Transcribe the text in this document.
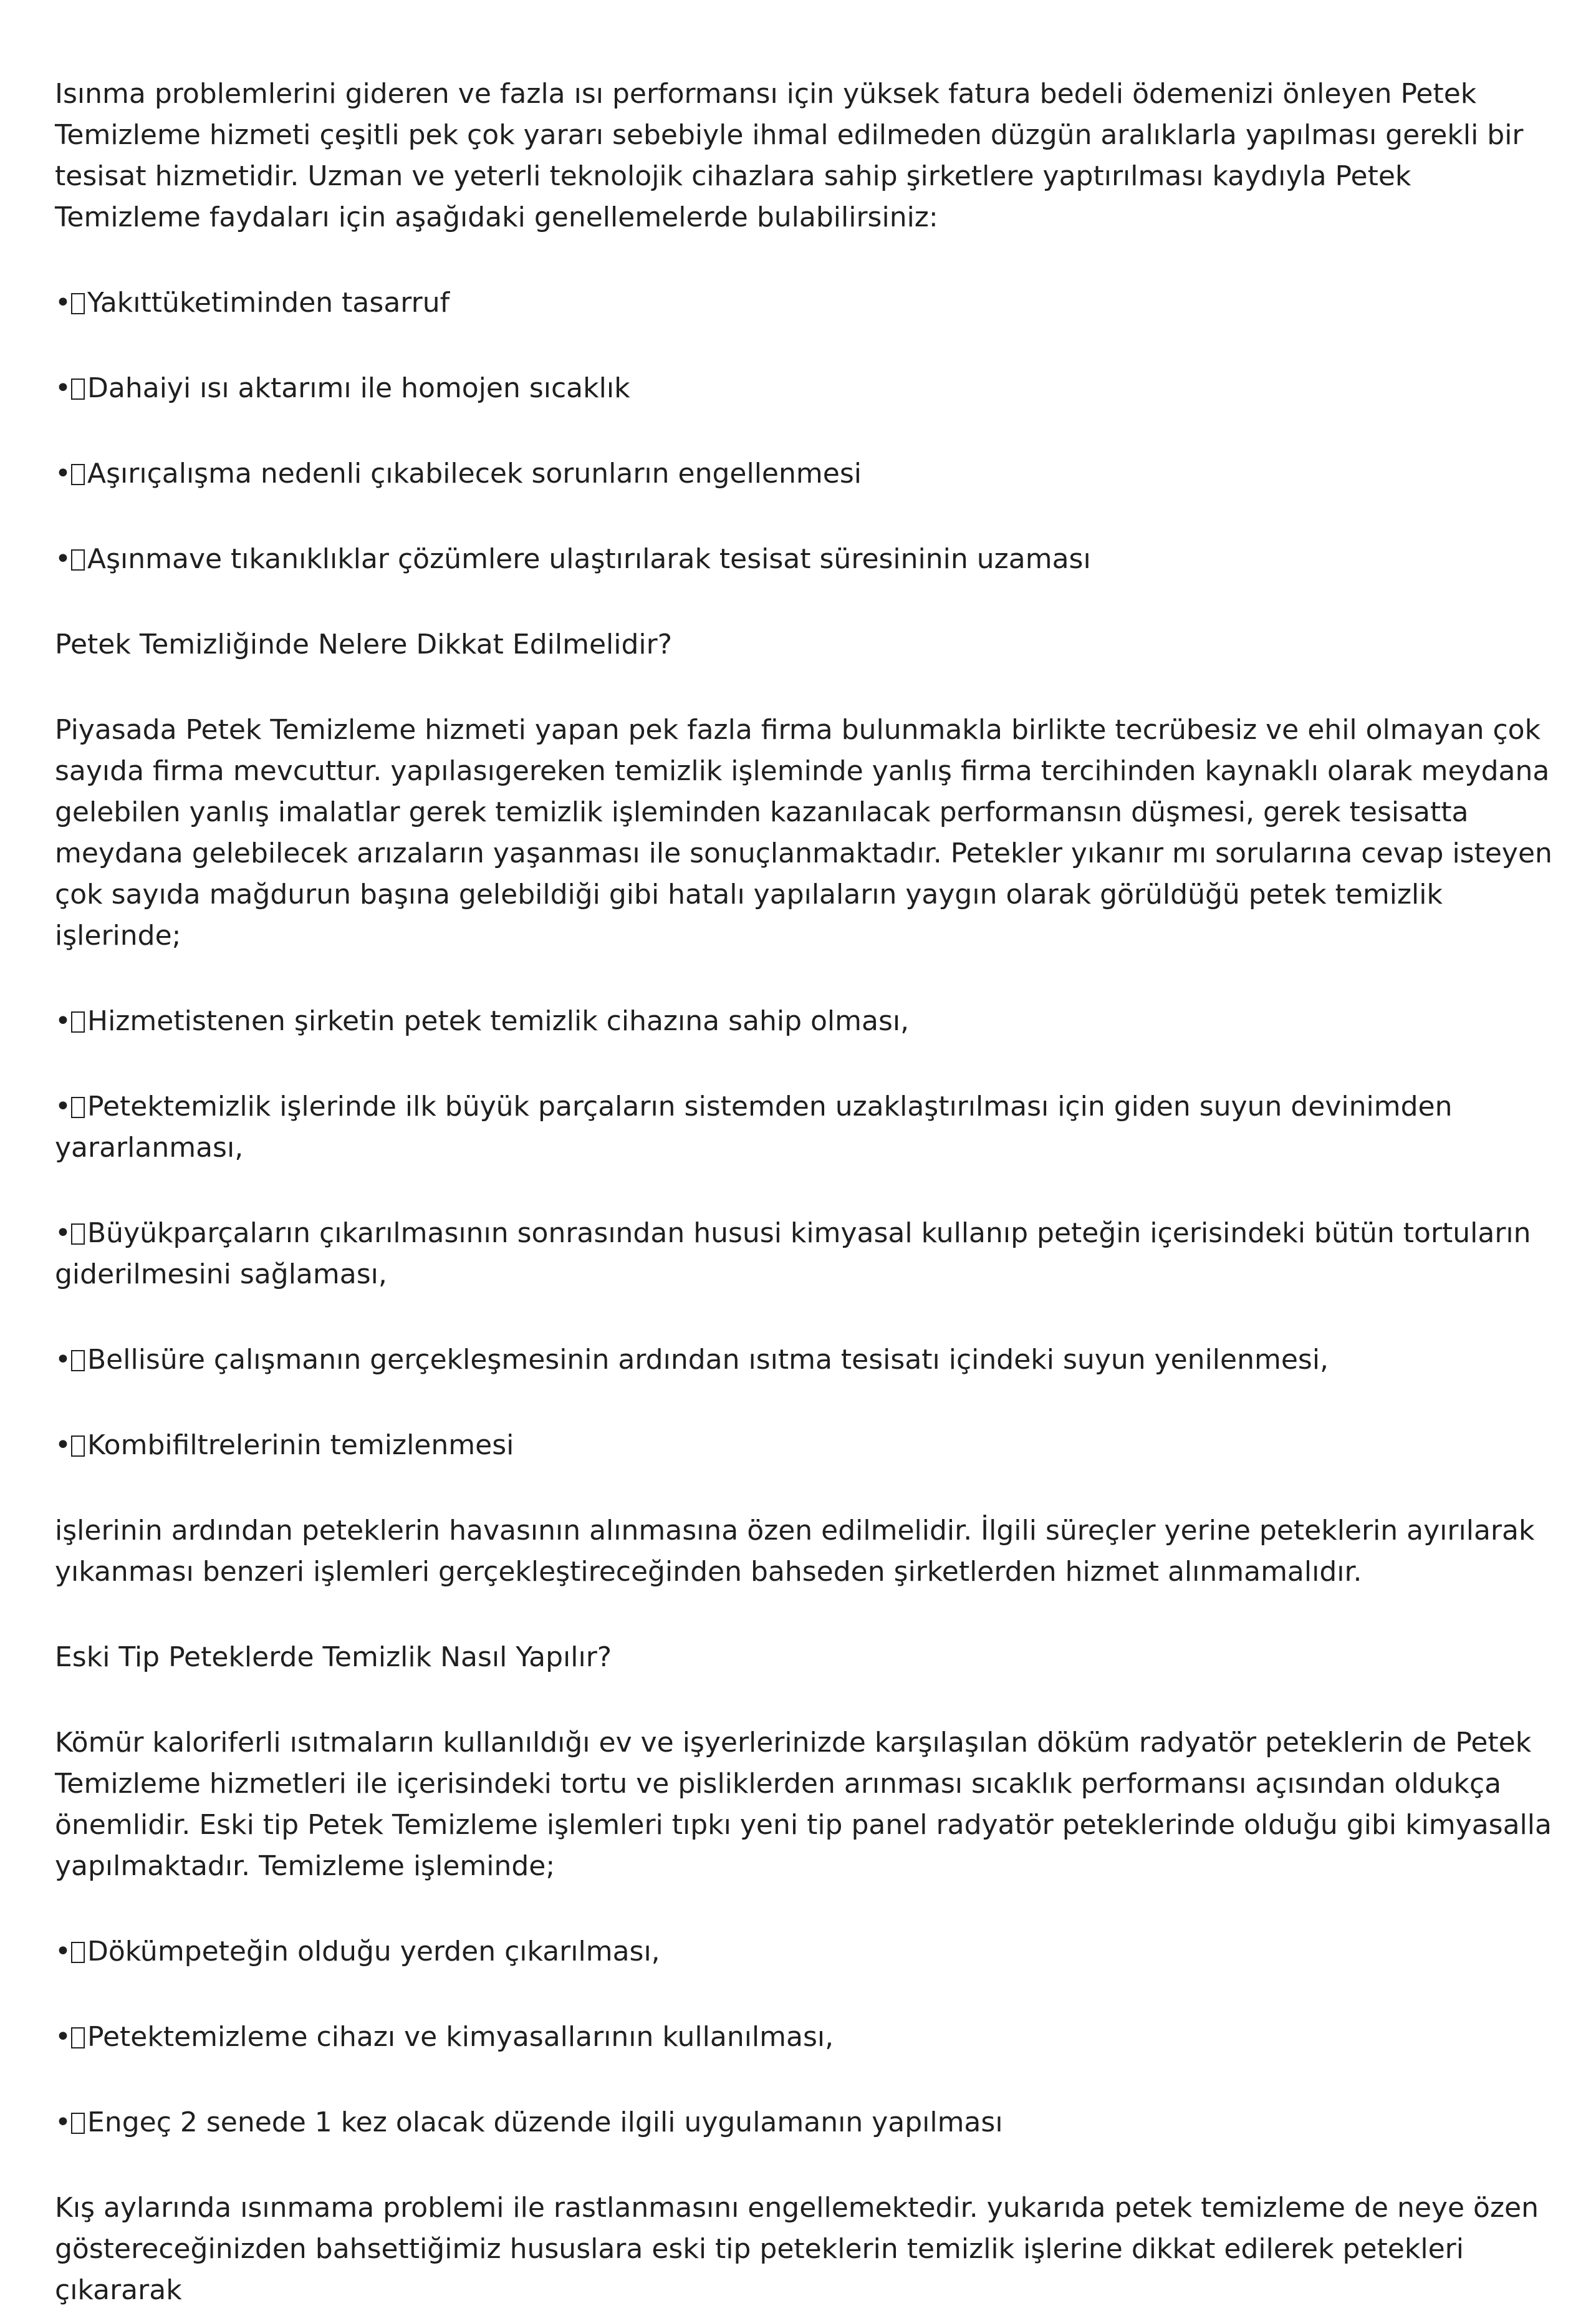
Isınma problemlerini gideren ve fazla ısı performansı için yüksek fatura bedeli ödemenizi önleyen Petek Temizleme hizmeti çeşitli pek çok yararı sebebiyle ihmal edilmeden düzgün aralıklarla yapılması gerekli bir tesisat hizmetidir. Uzman ve yeterli teknolojik cihazlara sahip şirketlere yaptırılması kaydıyla Petek Temizleme faydaları için aşağıdaki genellemelerde bulabilirsiniz:

• Yakıttüketiminden tasarruf

• Dahaiyi ısı aktarımı ile homojen sıcaklık

• Aşırıçalışma nedenli çıkabilecek sorunların engellenmesi

• Aşınmave tıkanıklıklar çözümlere ulaştırılarak tesisat süresininin uzaması

Petek Temizliğinde Nelere Dikkat Edilmelidir?

Piyasada Petek Temizleme hizmeti yapan pek fazla firma bulunmakla birlikte tecrübesiz ve ehil olmayan çok sayıda firma mevcuttur. yapılasıgereken temizlik işleminde yanlış firma tercihinden kaynaklı olarak meydana gelebilen yanlış imalatlar gerek temizlik işleminden kazanılacak performansın düşmesi, gerek tesisatta meydana gelebilecek arızaların yaşanması ile sonuçlanmaktadır. Petekler yıkanır mı sorularına cevap isteyen çok sayıda mağdurun başına gelebildiği gibi hatalı yapılaların yaygın olarak görüldüğü petek temizlik işlerinde;

• Hizmetistenen şirketin petek temizlik cihazına sahip olması,

• Petektemizlik işlerinde ilk büyük parçaların sistemden uzaklaştırılması için giden suyun devinimden yararlanması,

• Büyükparçaların çıkarılmasının sonrasından hususi kimyasal kullanıp peteğin içerisindeki bütün tortuların giderilmesini sağlaması,

• Bellisüre çalışmanın gerçekleşmesinin ardından ısıtma tesisatı içindeki suyun yenilenmesi,

• Kombifiltrelerinin temizlenmesi

işlerinin ardından peteklerin havasının alınmasına özen edilmelidir. İlgili süreçler yerine peteklerin ayırılarak yıkanması benzeri işlemleri gerçekleştireceğinden bahseden şirketlerden hizmet alınmamalıdır.

Eski Tip Peteklerde Temizlik Nasıl Yapılır?

Kömür kaloriferli ısıtmaların kullanıldığı ev ve işyerlerinizde karşılaşılan döküm radyatör peteklerin de Petek Temizleme hizmetleri ile içerisindeki tortu ve pisliklerden arınması sıcaklık performansı açısından oldukça önemlidir. Eski tip Petek Temizleme işlemleri tıpkı yeni tip panel radyatör peteklerinde olduğu gibi kimyasalla yapılmaktadır. Temizleme işleminde;

• Dökümpeteğin olduğu yerden çıkarılması,

• Petektemizleme cihazı ve kimyasallarının kullanılması,

• Engeç 2 senede 1 kez olacak düzende ilgili uygulamanın yapılması

Kış aylarında ısınmama problemi ile rastlanmasını engellemektedir. yukarıda petek temizleme de neye özen göstereceğinizden bahsettiğimiz hususlara eski tip peteklerin temizlik işlerine dikkat edilerek petekleri çıkararak
